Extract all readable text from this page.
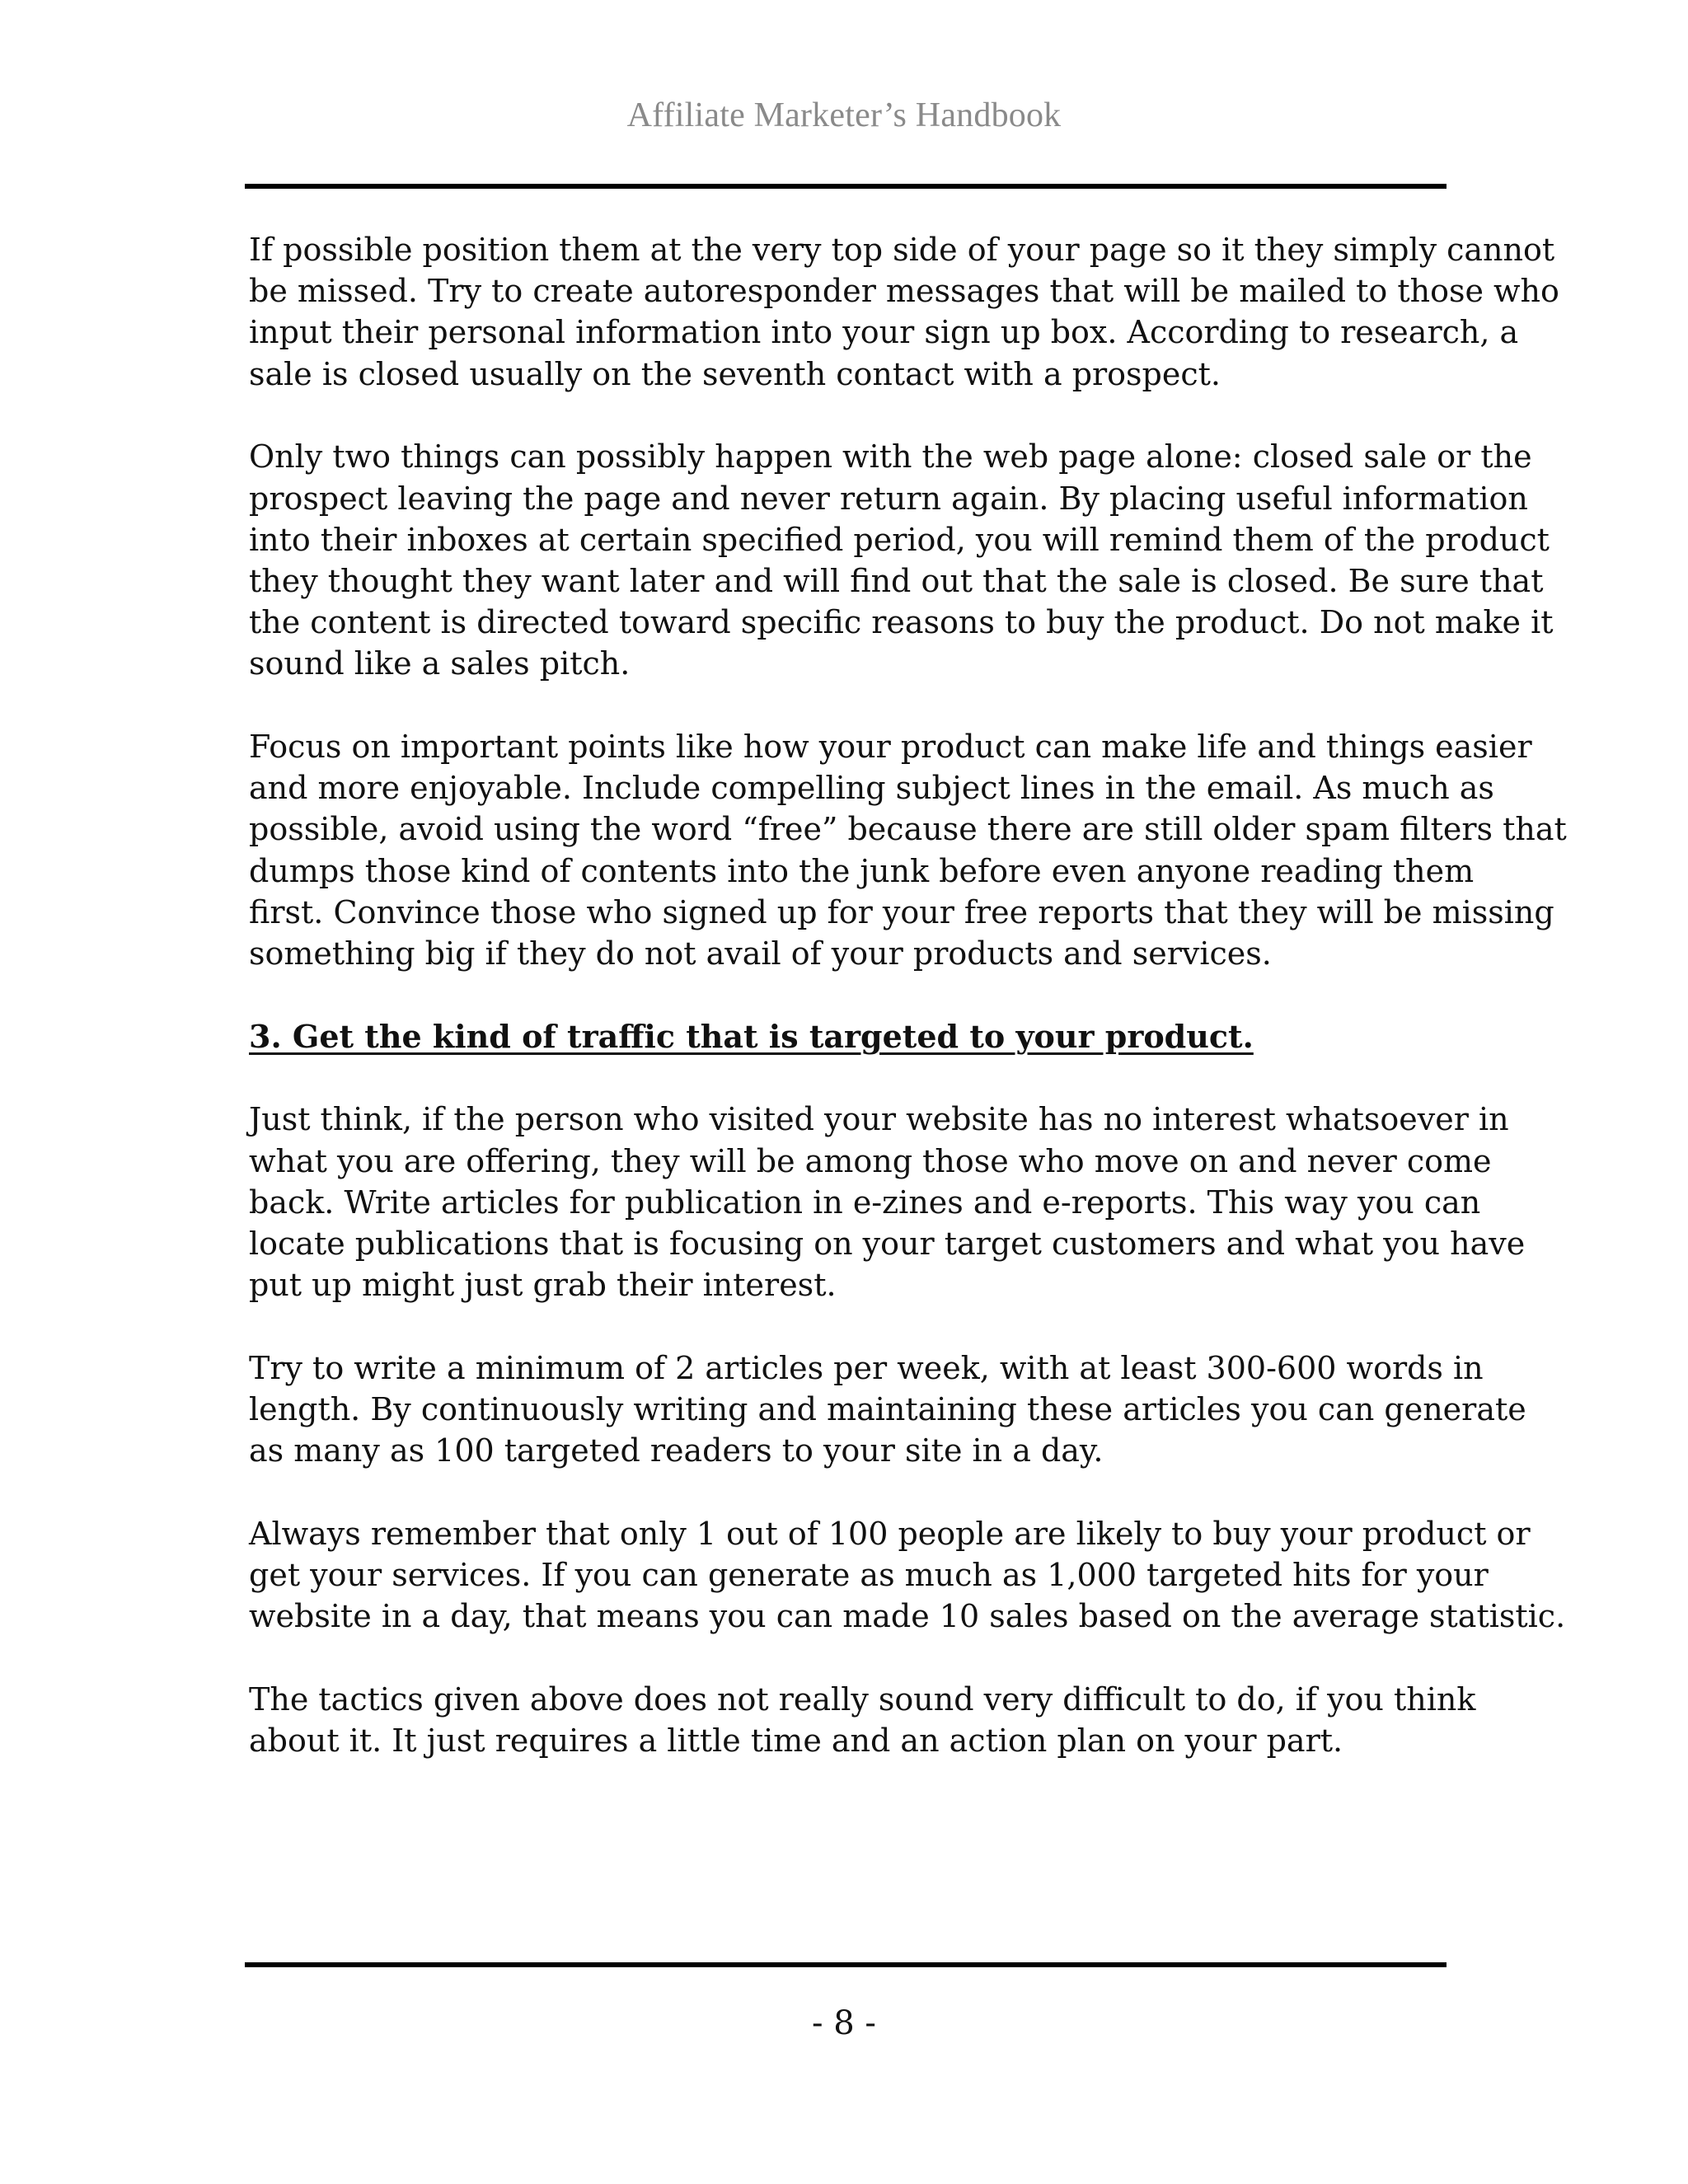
Affiliate Marketer’s Handbook

If possible position them at the very top side of your page so it they simply cannot
be missed. Try to create autoresponder messages that will be mailed to those who
input their personal information into your sign up box. According to research, a
sale is closed usually on the seventh contact with a prospect.

Only two things can possibly happen with the web page alone: closed sale or the
prospect leaving the page and never return again. By placing useful information
into their inboxes at certain specified period, you will remind them of the product
they thought they want later and will find out that the sale is closed. Be sure that
the content is directed toward specific reasons to buy the product. Do not make it
sound like a sales pitch.

Focus on important points like how your product can make life and things easier
and more enjoyable. Include compelling subject lines in the email. As much as
possible, avoid using the word “free” because there are still older spam filters that
dumps those kind of contents into the junk before even anyone reading them
first. Convince those who signed up for your free reports that they will be missing
something big if they do not avail of your products and services.

3. Get the kind of traffic that is targeted to your product.

Just think, if the person who visited your website has no interest whatsoever in
what you are offering, they will be among those who move on and never come
back. Write articles for publication in e-zines and e-reports. This way you can
locate publications that is focusing on your target customers and what you have
put up might just grab their interest.

Try to write a minimum of 2 articles per week, with at least 300-600 words in
length. By continuously writing and maintaining these articles you can generate
as many as 100 targeted readers to your site in a day.

Always remember that only 1 out of 100 people are likely to buy your product or
get your services. If you can generate as much as 1,000 targeted hits for your
website in a day, that means you can made 10 sales based on the average statistic.

The tactics given above does not really sound very difficult to do, if you think
about it. It just requires a little time and an action plan on your part.

- 8 -
